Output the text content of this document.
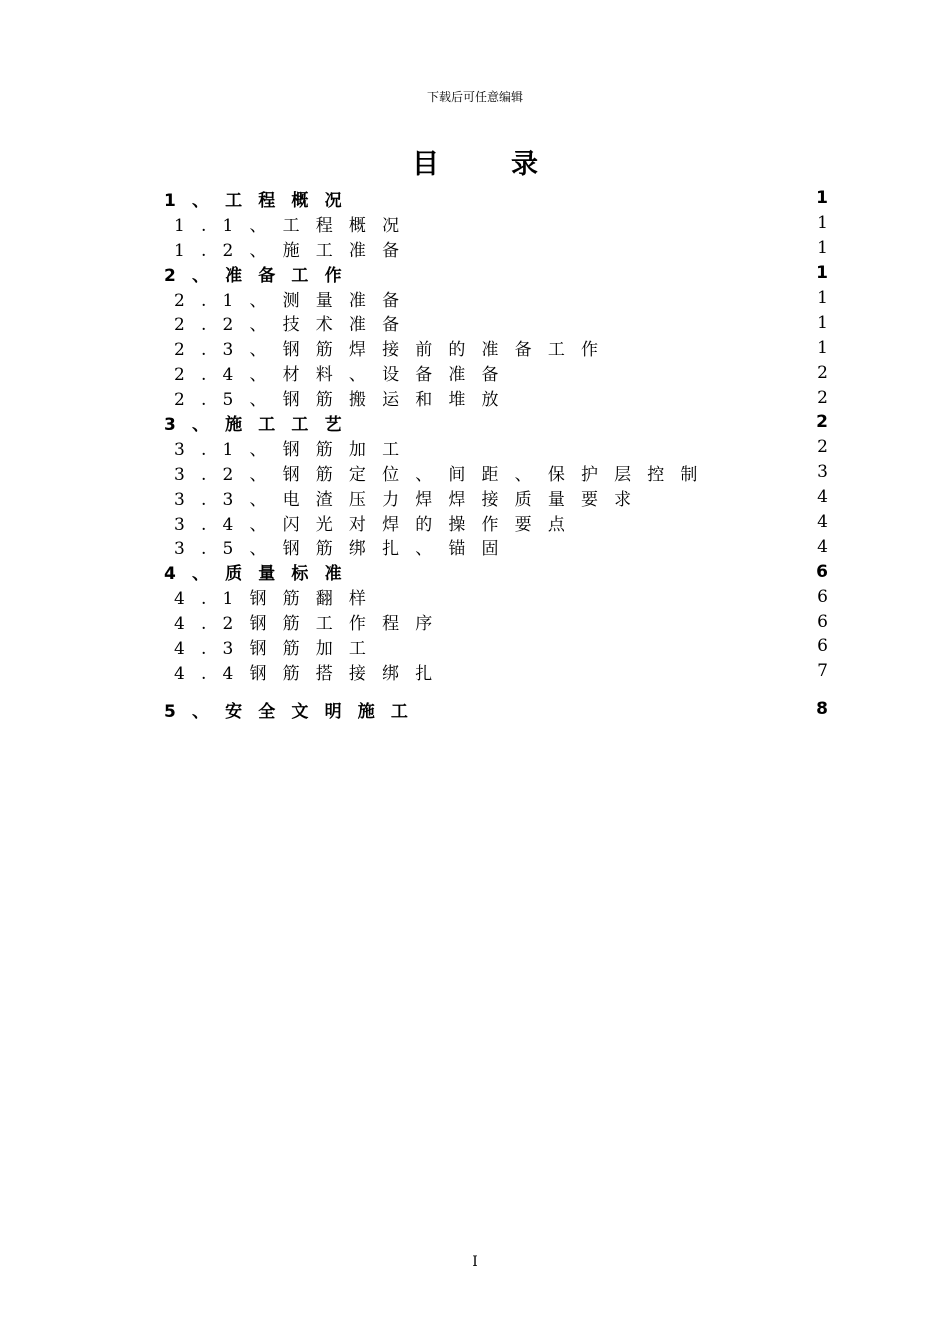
下载后可任意编辑
目录
1、工程概况	1
1.1、工程概况	1
1.2、施工准备	1
2、准备工作	1
2.1、测量准备	1
2.2、技术准备	1
2.3、钢筋焊接前的准备工作	1
2.4、材料、设备准备	2
2.5、钢筋搬运和堆放	2
3、施工工艺	2
3.1、钢筋加工	2
3.2、钢筋定位、间距、保护层控制	3
3.3、电渣压力焊焊接质量要求	4
3.4、闪光对焊的操作要点	4
3.5、钢筋绑扎、锚固	4
4、质量标准	6
4.1钢筋翻样	6
4.2钢筋工作程序	6
4.3钢筋加工	6
4.4钢筋搭接绑扎	7
5、安全文明施工	8
I
